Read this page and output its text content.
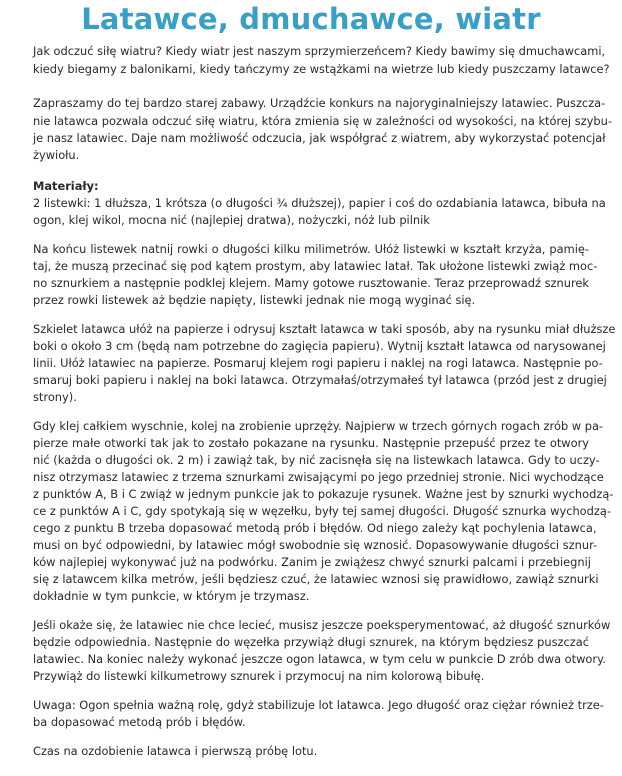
Latawce, dmuchawce, wiatr
Jak odczuć siłę wiatru? Kiedy wiatr jest naszym sprzymierzeńcem? Kiedy bawimy się dmuchawcami,
kiedy biegamy z balonikami, kiedy tańczymy ze wstążkami na wietrze lub kiedy puszczamy latawce?
Zapraszamy do tej bardzo starej zabawy. Urządźcie konkurs na najoryginalniejszy latawiec. Puszcza-
nie latawca pozwala odczuć siłę wiatru, która zmienia się w zależności od wysokości, na której szybu-
je nasz latawiec. Daje nam możliwość odczucia, jak współgrać z wiatrem, aby wykorzystać potencjał
żywiołu.
Materiały:
2 listewki: 1 dłuższa, 1 krótsza (o długości ¾ dłuższej), papier i coś do ozdabiania latawca, bibuła na
ogon, klej wikol, mocna nić (najlepiej dratwa), nożyczki, nóż lub pilnik
Na końcu listewek natnij rowki o długości kilku milimetrów. Ułóż listewki w kształt krzyża, pamię-
taj, że muszą przecinać się pod kątem prostym, aby latawiec latał. Tak ułożone listewki zwiąż moc-
no sznurkiem a następnie podklej klejem. Mamy gotowe rusztowanie. Teraz przeprowadź sznurek
przez rowki listewek aż będzie napięty, listewki jednak nie mogą wyginać się.
Szkielet latawca ułóż na papierze i odrysuj kształt latawca w taki sposób, aby na rysunku miał dłuższe
boki o około 3 cm (będą nam potrzebne do zagięcia papieru). Wytnij kształt latawca od narysowanej
linii. Ułóż latawiec na papierze. Posmaruj klejem rogi papieru i naklej na rogi latawca. Następnie po-
smaruj boki papieru i naklej na boki latawca. Otrzymałaś/otrzymałeś tył latawca (przód jest z drugiej
strony).
Gdy klej całkiem wyschnie, kolej na zrobienie uprzęży. Najpierw w trzech górnych rogach zrób w pa-
pierze małe otworki tak jak to zostało pokazane na rysunku. Następnie przepuść przez te otwory
nić (każda o długości ok. 2 m) i zawiąż tak, by nić zacisnęła się na listewkach latawca. Gdy to uczy-
nisz otrzymasz latawiec z trzema sznurkami zwisającymi po jego przedniej stronie. Nici wychodzące
z punktów A, B i C zwiąż w jednym punkcie jak to pokazuje rysunek. Ważne jest by sznurki wychodzą-
ce z punktów A i C, gdy spotykają się w węzełku, były tej samej długości. Długość sznurka wychodzą-
cego z punktu B trzeba dopasować metodą prób i błędów. Od niego zależy kąt pochylenia latawca,
musi on być odpowiedni, by latawiec mógł swobodnie się wznosić. Dopasowywanie długości sznur-
ków najlepiej wykonywać już na podwórku. Zanim je zwiążesz chwyć sznurki palcami i przebiegnij
się z latawcem kilka metrów, jeśli będziesz czuć, że latawiec wznosi się prawidłowo, zawiąż sznurki
dokładnie w tym punkcie, w którym je trzymasz.
Jeśli okaże się, że latawiec nie chce lecieć, musisz jeszcze poeksperymentować, aż długość sznurków
będzie odpowiednia. Następnie do węzełka przywiąż długi sznurek, na którym będziesz puszczać
latawiec. Na koniec należy wykonać jeszcze ogon latawca, w tym celu w punkcie D zrób dwa otwory.
Przywiąż do listewki kilkumetrowy sznurek i przymocuj na nim kolorową bibułę.
Uwaga: Ogon spełnia ważną rolę, gdyż stabilizuje lot latawca. Jego długość oraz ciężar również trze-
ba dopasować metodą prób i błędów.
Czas na ozdobienie latawca i pierwszą próbę lotu.
